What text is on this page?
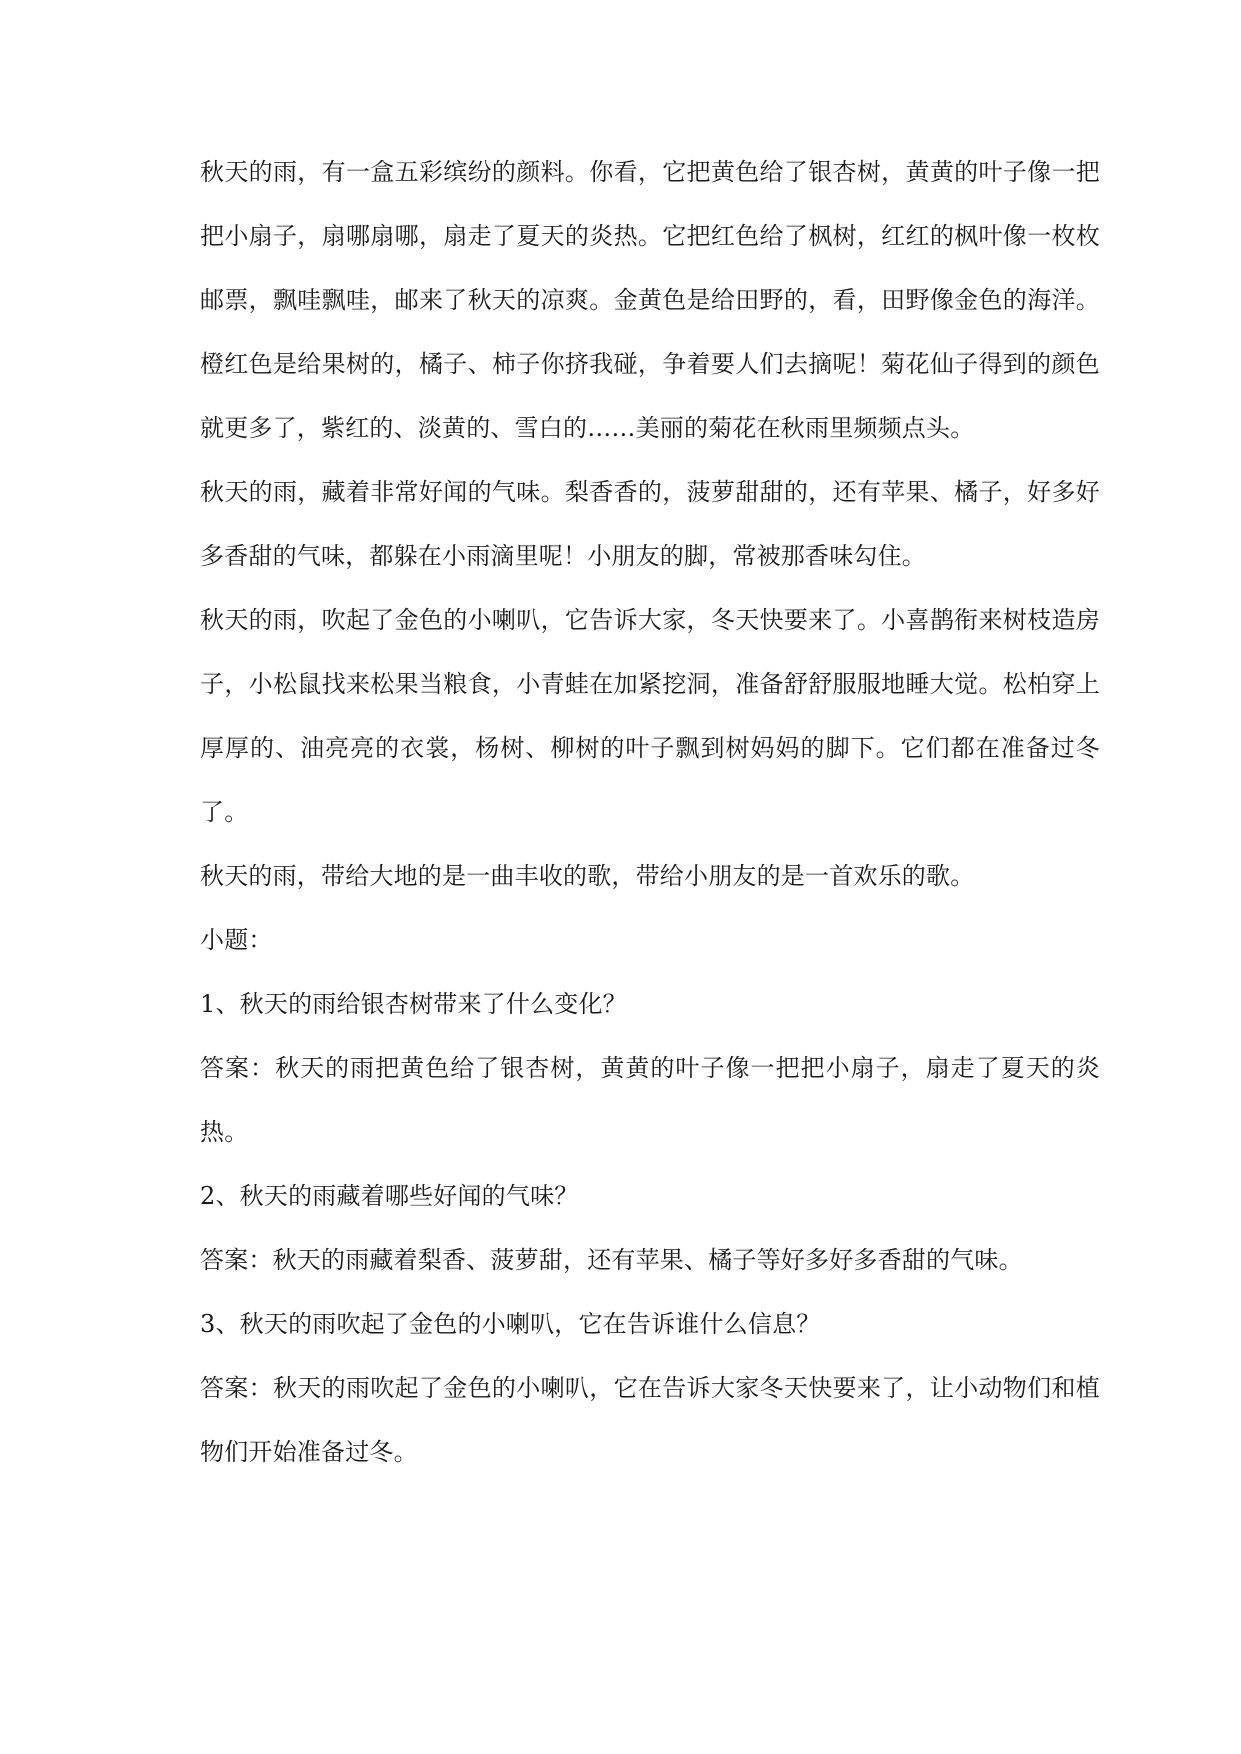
秋天的雨，有一盒五彩缤纷的颜料。你看，它把黄色给了银杏树，黄黄的叶子像一把把小扇子，扇哪扇哪，扇走了夏天的炎热。它把红色给了枫树，红红的枫叶像一枚枚邮票，飘哇飘哇，邮来了秋天的凉爽。金黄色是给田野的，看，田野像金色的海洋。橙红色是给果树的，橘子、柿子你挤我碰，争着要人们去摘呢！菊花仙子得到的颜色就更多了，紫红的、淡黄的、雪白的……美丽的菊花在秋雨里频频点头。

秋天的雨，藏着非常好闻的气味。梨香香的，菠萝甜甜的，还有苹果、橘子，好多好多香甜的气味，都躲在小雨滴里呢！小朋友的脚，常被那香味勾住。

秋天的雨，吹起了金色的小喇叭，它告诉大家，冬天快要来了。小喜鹊衔来树枝造房子，小松鼠找来松果当粮食，小青蛙在加紧挖洞，准备舒舒服服地睡大觉。松柏穿上厚厚的、油亮亮的衣裳，杨树、柳树的叶子飘到树妈妈的脚下。它们都在准备过冬了。

秋天的雨，带给大地的是一曲丰收的歌，带给小朋友的是一首欢乐的歌。

小题：

1、秋天的雨给银杏树带来了什么变化？

答案：秋天的雨把黄色给了银杏树，黄黄的叶子像一把把小扇子，扇走了夏天的炎热。

2、秋天的雨藏着哪些好闻的气味？

答案：秋天的雨藏着梨香、菠萝甜，还有苹果、橘子等好多好多香甜的气味。

3、秋天的雨吹起了金色的小喇叭，它在告诉谁什么信息？

答案：秋天的雨吹起了金色的小喇叭，它在告诉大家冬天快要来了，让小动物们和植物们开始准备过冬。
